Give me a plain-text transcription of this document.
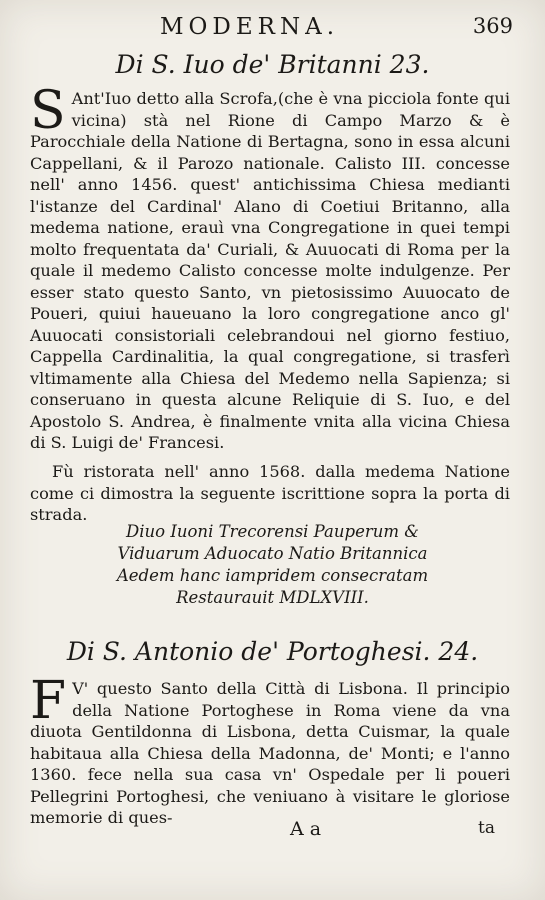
MODERNA.	369
Di S. Iuo de' Britanni 23.

S Ant'Iuo detto alla Scrofa,(che è vna picciola fonte qui vicina) stà nel Rione di Campo Marzo & è Parocchiale della Natione di Bertagna, sono in essa alcuni Cappellani, & il Parozo nationale. Calisto III. concesse nell' anno 1456. quest' antichissima Chiesa medianti l'istanze del Cardinal' Alano di Coetiui Britanno, alla medema natione, erauì vna Congregatione in quei tempi molto frequentata da' Curiali, & Auuocati di Roma per la quale il medemo Calisto concesse molte indulgenze. Per esser stato questo Santo, vn pietosissimo Auuocato de Poueri, quiui haueuano la loro congregatione anco gl' Auuocati consistoriali celebrandoui nel giorno festiuo, Cappella Cardinalitia, la qual congregatione, si trasferì vltimamente alla Chiesa del Medemo nella Sapienza; si conseruano in questa alcune Reliquie di S. Iuo, e del Apostolo S. Andrea, è finalmente vnita alla vicina Chiesa di S. Luigi de' Francesi.

Fù ristorata nell' anno 1568. dalla medema Natione come ci dimostra la seguente iscrittione sopra la porta di strada.

Diuo Iuoni Trecorensi Pauperum &
Viduarum Aduocato Natio Britannica
Aedem hanc iampridem consecratam
Restaurauit MDLXVIII.
Di S. Antonio de' Portoghesi. 24.

F V' questo Santo della Città di Lisbona. Il principio della Natione Portoghese in Roma viene da vna diuota Gentildonna di Lisbona, detta Cuismar, la quale habitaua alla Chiesa della Madonna, de' Monti; e l'anno 1360. fece nella sua casa vn' Ospedale per li poueri Pellegrini Portoghesi, che veniuano à visitare le gloriose memorie di ques-

A a	ta
